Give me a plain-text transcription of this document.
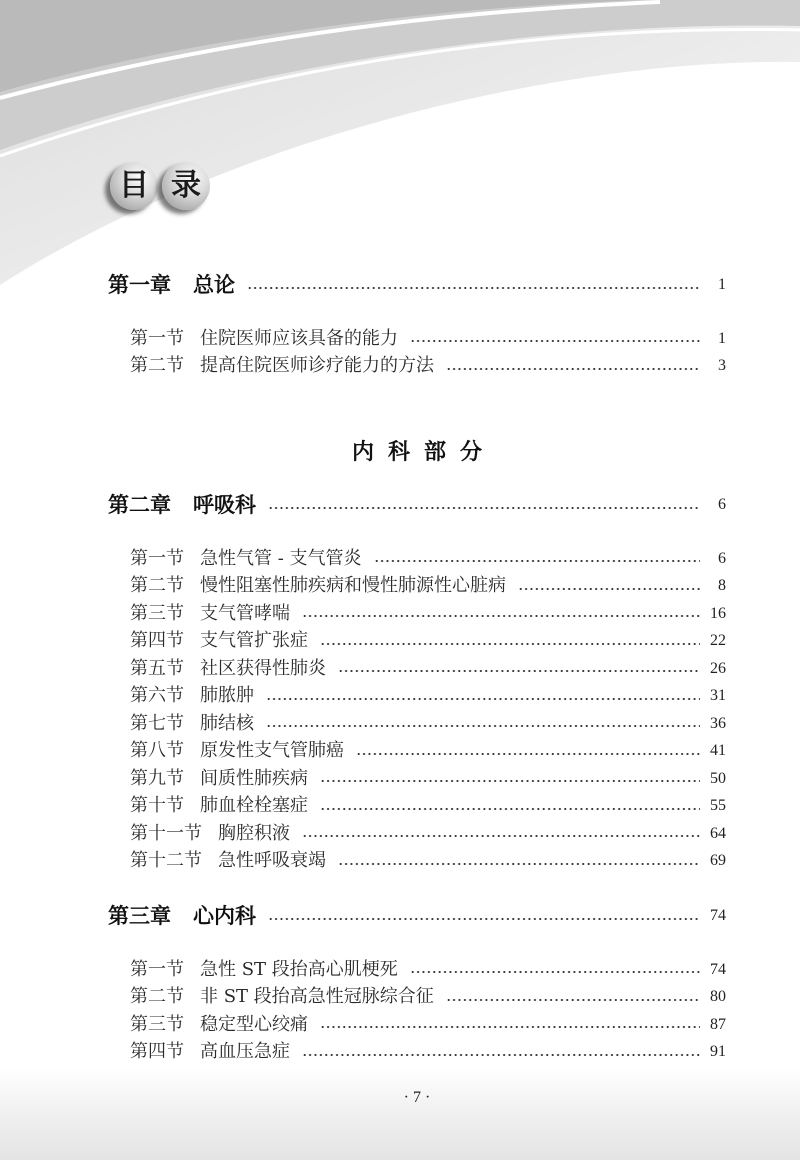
目 录
第一章 总论	1
第一节 住院医师应该具备的能力	1
第二节 提高住院医师诊疗能力的方法	3
内科部分
第二章 呼吸科	6
第一节 急性气管 - 支气管炎	6
第二节 慢性阻塞性肺疾病和慢性肺源性心脏病	8
第三节 支气管哮喘	16
第四节 支气管扩张症	22
第五节 社区获得性肺炎	26
第六节 肺脓肿	31
第七节 肺结核	36
第八节 原发性支气管肺癌	41
第九节 间质性肺疾病	50
第十节 肺血栓栓塞症	55
第十一节 胸腔积液	64
第十二节 急性呼吸衰竭	69
第三章 心内科	74
第一节 急性 ST 段抬高心肌梗死	74
第二节 非 ST 段抬高急性冠脉综合征	80
第三节 稳定型心绞痛	87
第四节 高血压急症	91
· 7 ·
